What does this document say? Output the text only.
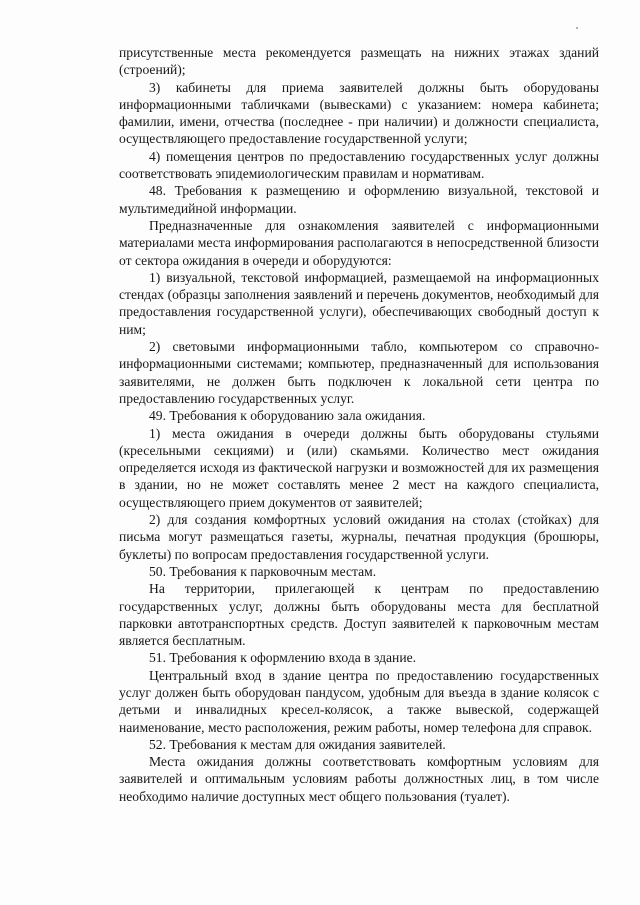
присутственные места рекомендуется размещать на нижних этажах зданий (строений);

3) кабинеты для приема заявителей должны быть оборудованы информационными табличками (вывесками) с указанием: номера кабинета; фамилии, имени, отчества (последнее - при наличии) и должности специалиста, осуществляющего предоставление государственной услуги;

4) помещения центров по предоставлению государственных услуг должны соответствовать эпидемиологическим правилам и нормативам.

48. Требования к размещению и оформлению визуальной, текстовой и мультимедийной информации.

Предназначенные для ознакомления заявителей с информационными материалами места информирования располагаются в непосредственной близости от сектора ожидания в очереди и оборудуются:

1) визуальной, текстовой информацией, размещаемой на информационных стендах (образцы заполнения заявлений и перечень документов, необходимый для предоставления государственной услуги), обеспечивающих свободный доступ к ним;

2) световыми информационными табло, компьютером со справочно-информационными системами; компьютер, предназначенный для использования заявителями, не должен быть подключен к локальной сети центра по предоставлению государственных услуг.

49. Требования к оборудованию зала ожидания.

1) места ожидания в очереди должны быть оборудованы стульями (кресельными секциями) и (или) скамьями. Количество мест ожидания определяется исходя из фактической нагрузки и возможностей для их размещения в здании, но не может составлять менее 2 мест на каждого специалиста, осуществляющего прием документов от заявителей;

2) для создания комфортных условий ожидания на столах (стойках) для письма могут размещаться газеты, журналы, печатная продукция (брошюры, буклеты) по вопросам предоставления государственной услуги.

50. Требования к парковочным местам.

На территории, прилегающей к центрам по предоставлению государственных услуг, должны быть оборудованы места для бесплатной парковки автотранспортных средств. Доступ заявителей к парковочным местам является бесплатным.

51. Требования к оформлению входа в здание.

Центральный вход в здание центра по предоставлению государственных услуг должен быть оборудован пандусом, удобным для въезда в здание колясок с детьми и инвалидных кресел-колясок, а также вывеской, содержащей наименование, место расположения, режим работы, номер телефона для справок.

52. Требования к местам для ожидания заявителей.

Места ожидания должны соответствовать комфортным условиям для заявителей и оптимальным условиям работы должностных лиц, в том числе необходимо наличие доступных мест общего пользования (туалет).
